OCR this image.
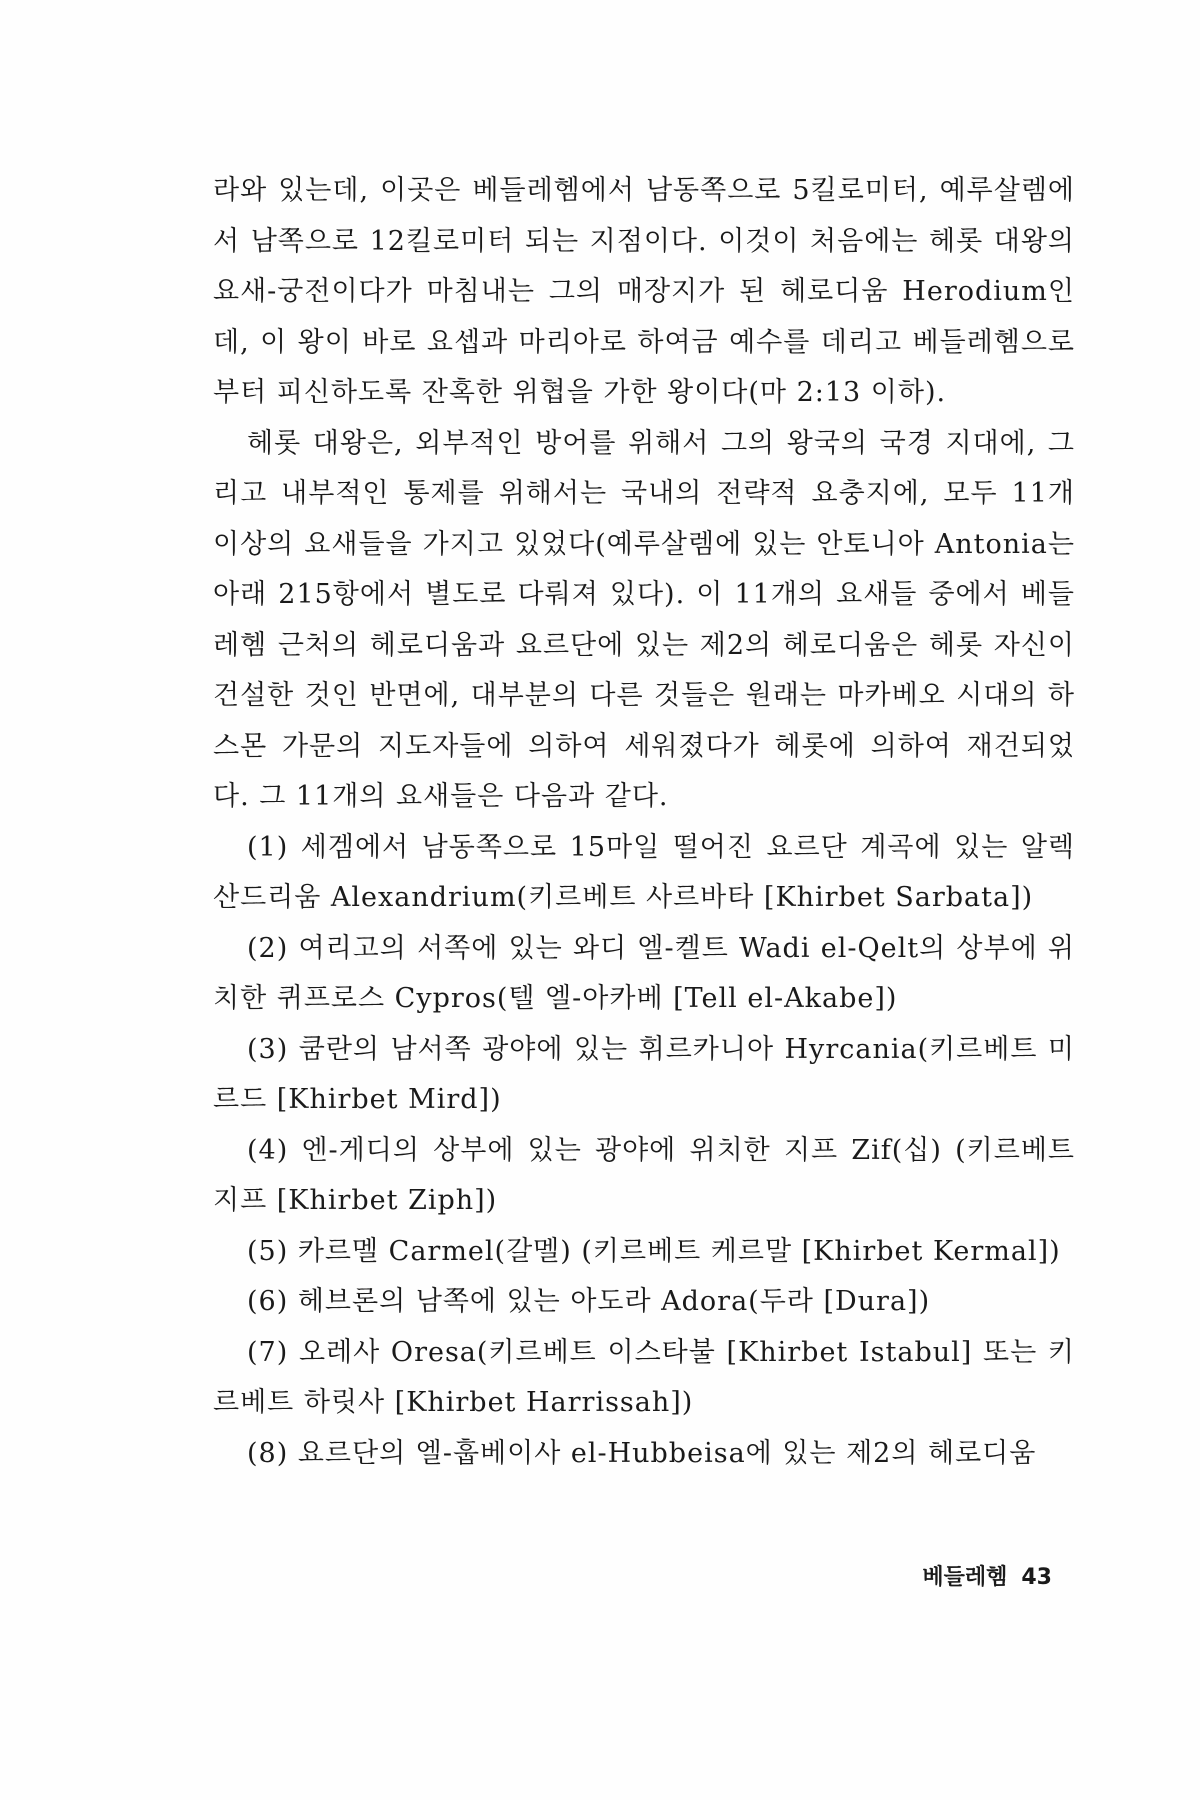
라와 있는데, 이곳은 베들레헴에서 남동쪽으로 5킬로미터, 예루살렘에서 남쪽으로 12킬로미터 되는 지점이다. 이것이 처음에는 헤롯 대왕의 요새-궁전이다가 마침내는 그의 매장지가 된 헤로디움 Herodium인데, 이 왕이 바로 요셉과 마리아로 하여금 예수를 데리고 베들레헴으로부터 피신하도록 잔혹한 위협을 가한 왕이다(마 2:13 이하).

헤롯 대왕은, 외부적인 방어를 위해서 그의 왕국의 국경 지대에, 그리고 내부적인 통제를 위해서는 국내의 전략적 요충지에, 모두 11개 이상의 요새들을 가지고 있었다(예루살렘에 있는 안토니아 Antonia는 아래 215항에서 별도로 다뤄져 있다). 이 11개의 요새들 중에서 베들레헴 근처의 헤로디움과 요르단에 있는 제2의 헤로디움은 헤롯 자신이 건설한 것인 반면에, 대부분의 다른 것들은 원래는 마카베오 시대의 하스몬 가문의 지도자들에 의하여 세워졌다가 헤롯에 의하여 재건되었다. 그 11개의 요새들은 다음과 같다.

(1) 세겜에서 남동쪽으로 15마일 떨어진 요르단 계곡에 있는 알렉산드리움 Alexandrium(키르베트 사르바타 [Khirbet Sarbata])

(2) 여리고의 서쪽에 있는 와디 엘-켈트 Wadi el-Qelt의 상부에 위치한 퀴프로스 Cypros(텔 엘-아카베 [Tell el-Akabe])

(3) 쿰란의 남서쪽 광야에 있는 휘르카니아 Hyrcania(키르베트 미르드 [Khirbet Mird])

(4) 엔-게디의 상부에 있는 광야에 위치한 지프 Zif(십) (키르베트 지프 [Khirbet Ziph])

(5) 카르멜 Carmel(갈멜) (키르베트 케르말 [Khirbet Kermal])

(6) 헤브론의 남쪽에 있는 아도라 Adora(두라 [Dura])

(7) 오레사 Oresa(키르베트 이스타불 [Khirbet Istabul] 또는 키르베트 하릿사 [Khirbet Harrissah])

(8) 요르단의 엘-훕베이사 el-Hubbeisa에 있는 제2의 헤로디움

베들레헴 43
